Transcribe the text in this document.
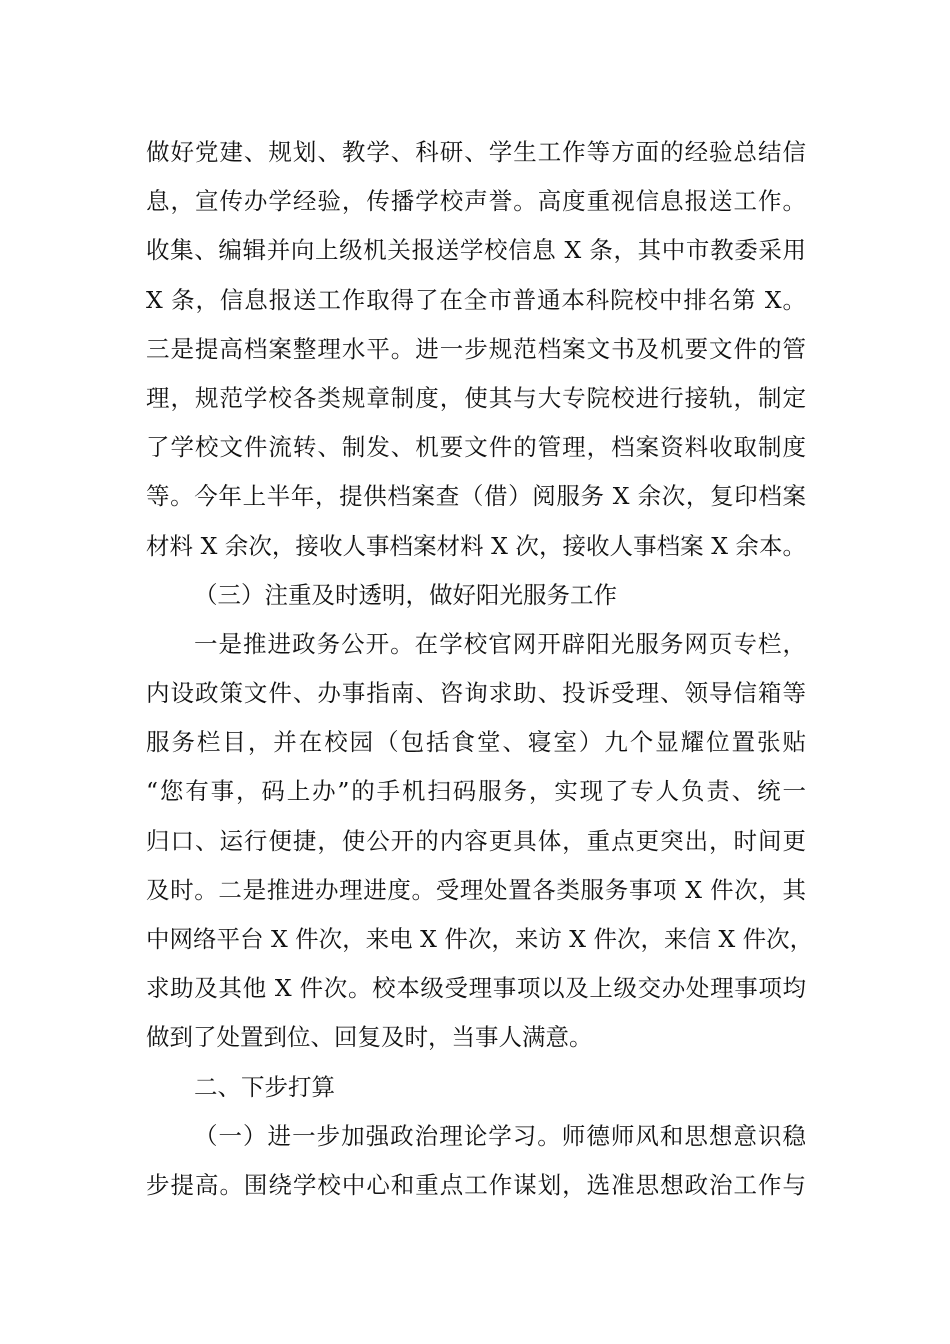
做好党建、规划、教学、科研、学生工作等方面的经验总结信
息，宣传办学经验，传播学校声誉。高度重视信息报送工作。
收集、编辑并向上级机关报送学校信息 X 条，其中市教委采用
X 条，信息报送工作取得了在全市普通本科院校中排名第 X。
三是提高档案整理水平。进一步规范档案文书及机要文件的管
理，规范学校各类规章制度，使其与大专院校进行接轨，制定
了学校文件流转、制发、机要文件的管理，档案资料收取制度
等。今年上半年，提供档案查（借）阅服务 X 余次，复印档案
材料 X 余次，接收人事档案材料 X 次，接收人事档案 X 余本。
（三）注重及时透明，做好阳光服务工作
一是推进政务公开。在学校官网开辟阳光服务网页专栏，
内设政策文件、办事指南、咨询求助、投诉受理、领导信箱等
服务栏目，并在校园（包括食堂、寝室）九个显耀位置张贴
“您有事，码上办”的手机扫码服务，实现了专人负责、统一
归口、运行便捷，使公开的内容更具体，重点更突出，时间更
及时。二是推进办理进度。受理处置各类服务事项 X 件次，其
中网络平台 X 件次，来电 X 件次，来访 X 件次，来信 X 件次，
求助及其他 X 件次。校本级受理事项以及上级交办处理事项均
做到了处置到位、回复及时，当事人满意。
二、下步打算
（一）进一步加强政治理论学习。师德师风和思想意识稳
步提高。围绕学校中心和重点工作谋划，选准思想政治工作与
